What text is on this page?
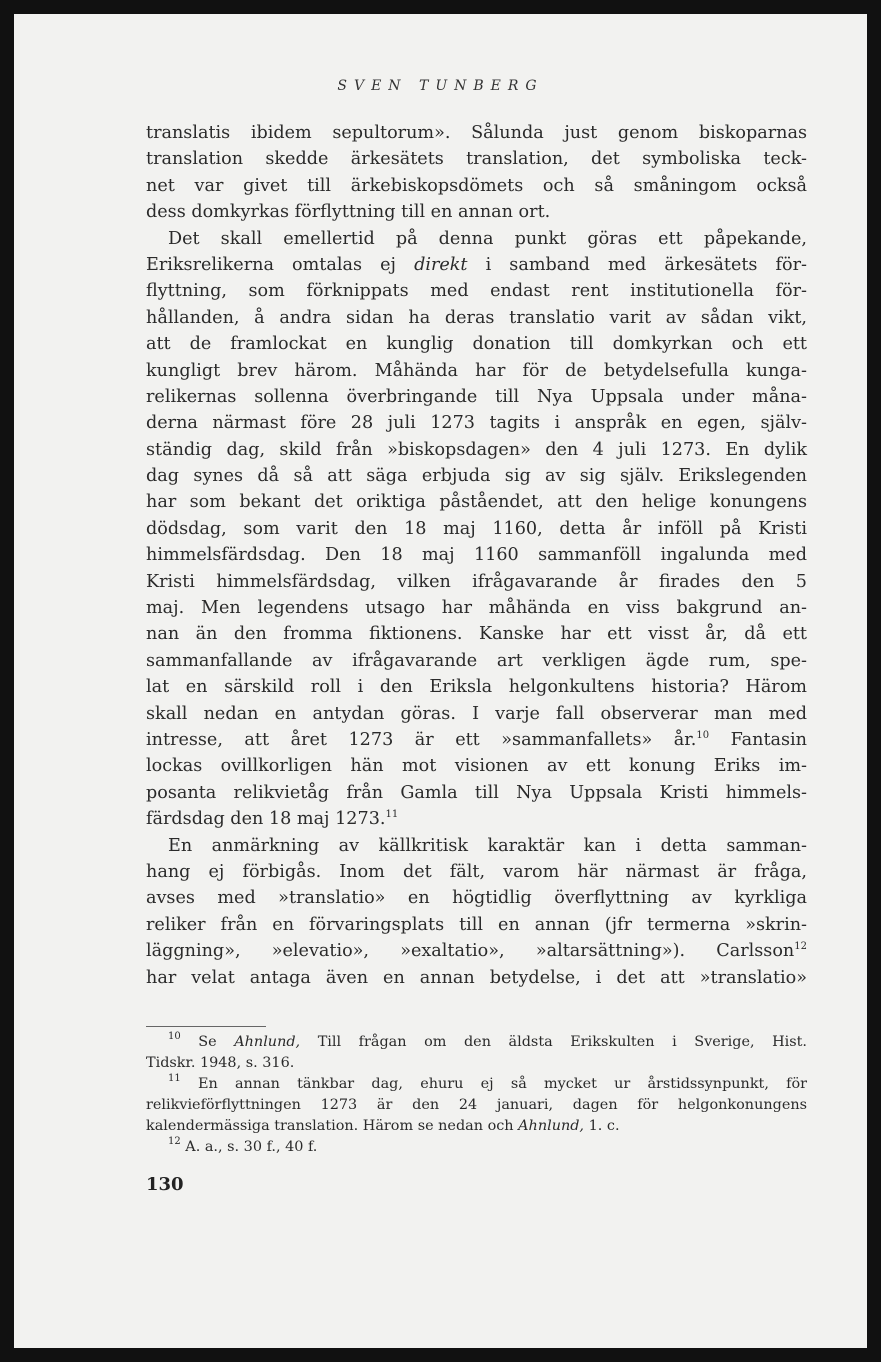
SVEN TUNBERG
translatis ibidem sepultorum». Sålunda just genom biskoparnas
translation skedde ärkesätets translation, det symboliska teck-
net var givet till ärkebiskopsdömets och så småningom också
dess domkyrkas förflyttning till en annan ort.
Det skall emellertid på denna punkt göras ett påpekande,
Eriksrelikerna omtalas ej direkt i samband med ärkesätets för-
flyttning, som förknippats med endast rent institutionella för-
hållanden, å andra sidan ha deras translatio varit av sådan vikt,
att de framlockat en kunglig donation till domkyrkan och ett
kungligt brev härom. Måhända har för de betydelsefulla kunga-
relikernas sollenna överbringande till Nya Uppsala under måna-
derna närmast före 28 juli 1273 tagits i anspråk en egen, själv-
ständig dag, skild från »biskopsdagen» den 4 juli 1273. En dylik
dag synes då så att säga erbjuda sig av sig själv. Erikslegenden
har som bekant det oriktiga påståendet, att den helige konungens
dödsdag, som varit den 18 maj 1160, detta år inföll på Kristi
himmelsfärdsdag. Den 18 maj 1160 sammanföll ingalunda med
Kristi himmelsfärdsdag, vilken ifrågavarande år firades den 5
maj. Men legendens utsago har måhända en viss bakgrund an-
nan än den fromma fiktionens. Kanske har ett visst år, då ett
sammanfallande av ifrågavarande art verkligen ägde rum, spe-
lat en särskild roll i den Eriksla helgonkultens historia? Härom
skall nedan en antydan göras. I varje fall observerar man med
intresse, att året 1273 är ett »sammanfallets» år.$^{10}$ Fantasin
lockas ovillkorligen hän mot visionen av ett konung Eriks im-
posanta relikvietåg från Gamla till Nya Uppsala Kristi himmels-
färdsdag den 18 maj 1273.11
En anmärkning av källkritisk karaktär kan i detta samman-
hang ej förbigås. Inom det fält, varom här närmast är fråga,
avses med »translatio» en högtidlig överflyttning av kyrkliga
reliker från en förvaringsplats till en annan (jfr termerna »skrin-
läggning», »elevatio», »exaltatio», »altarsättning»). Carlsson$^{12}$
har velat antaga även en annan betydelse, i det att »translatio»
$^{10}$ Se Ahnlund, Till frågan om den äldsta Erikskulten i Sverige, Hist.
Tidskr. 1948, s. 316.
$^{11}$ En annan tänkbar dag, ehuru ej så mycket ur årstidssynpunkt, för
relikvieförflyttningen 1273 är den 24 januari, dagen för helgonkonungens
kalendermässiga translation. Härom se nedan och Ahnlund, 1. c.
$^{12}$ A. a., s. 30 f., 40 f.
130
